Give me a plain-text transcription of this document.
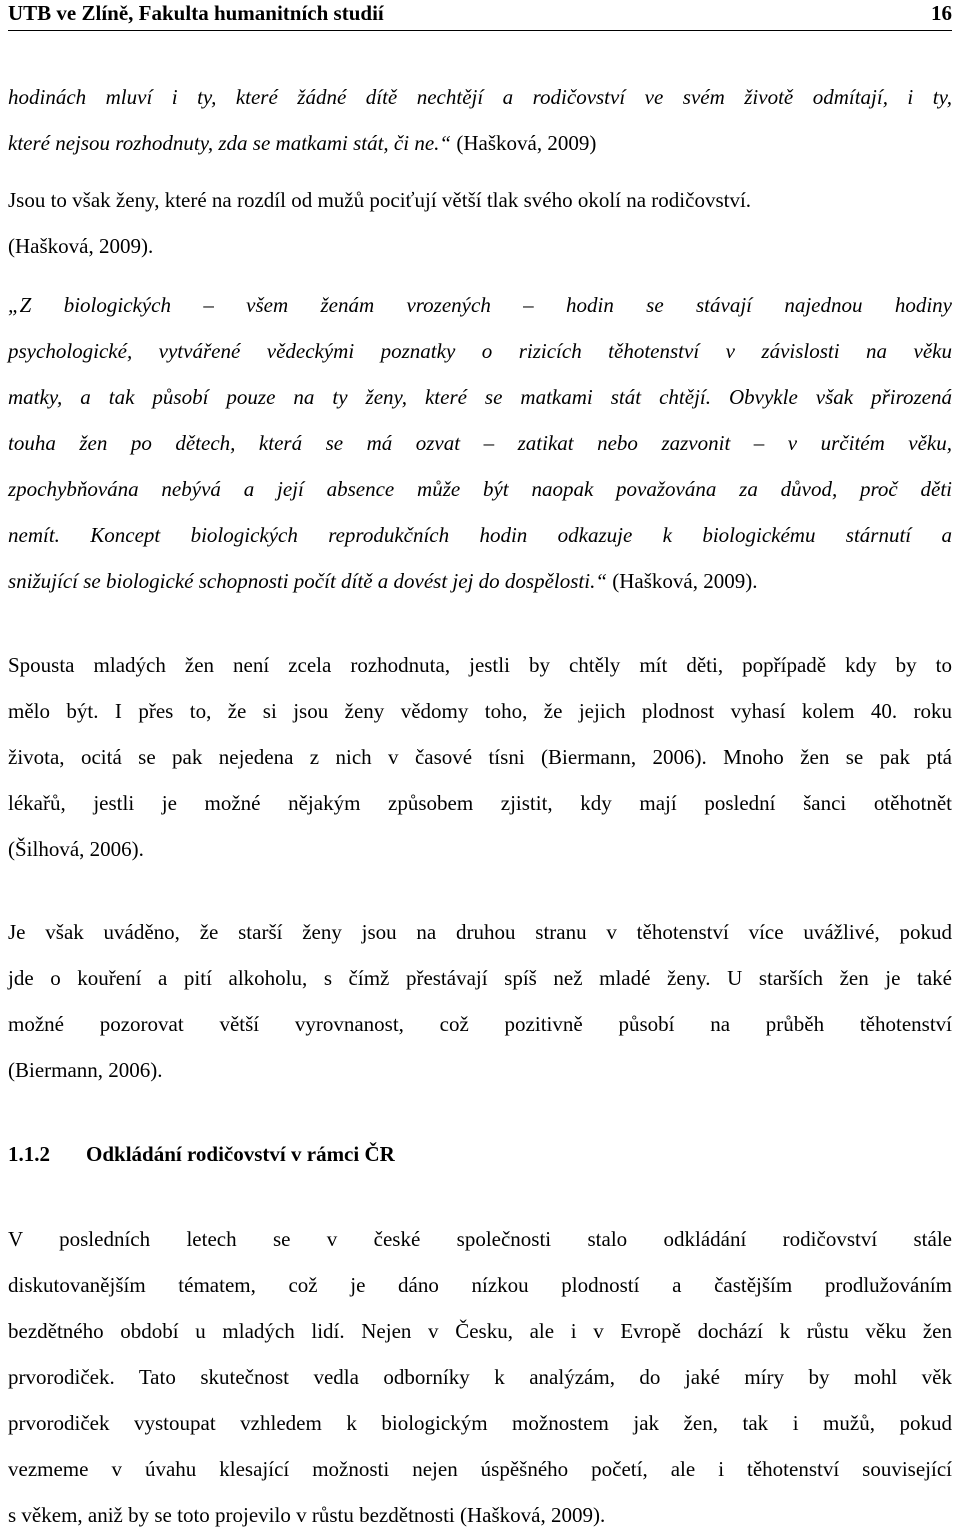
UTB ve Zlíně, Fakulta humanitních studií	16
hodinách mluví i ty, které žádné dítě nechtějí a rodičovství ve svém životě odmítají, i ty,
které nejsou rozhodnuty, zda se matkami stát, či ne.“ (Hašková, 2009)
Jsou to však ženy, které na rozdíl od mužů pociťují větší tlak svého okolí na rodičovství.
(Hašková, 2009).
„Z biologických – všem ženám vrozených – hodin se stávají najednou hodiny
psychologické, vytvářené vědeckými poznatky o rizicích těhotenství v závislosti na věku
matky, a tak působí pouze na ty ženy, které se matkami stát chtějí. Obvykle však přirozená
touha žen po dětech, která se má ozvat – zatikat nebo zazvonit – v určitém věku,
zpochybňována nebývá a její absence může být naopak považována za důvod, proč děti
nemít. Koncept biologických reprodukčních hodin odkazuje k biologickému stárnutí a
snižující se biologické schopnosti počít dítě a dovést jej do dospělosti.“ (Hašková, 2009).
Spousta mladých žen není zcela rozhodnuta, jestli by chtěly mít děti, popřípadě kdy by to
mělo být. I přes to, že si jsou ženy vědomy toho, že jejich plodnost vyhasí kolem 40. roku
života, ocitá se pak nejedena z nich v časové tísni (Biermann, 2006). Mnoho žen se pak ptá
lékařů, jestli je možné nějakým způsobem zjistit, kdy mají poslední šanci otěhotnět
(Šilhová, 2006).
Je však uváděno, že starší ženy jsou na druhou stranu v těhotenství více uvážlivé, pokud
jde o kouření a pití alkoholu, s čímž přestávají spíš než mladé ženy. U starších žen je také
možné pozorovat větší vyrovnanost, což pozitivně působí na průběh těhotenství
(Biermann, 2006).
1.1.2 Odkládání rodičovství v rámci ČR
V posledních letech se v české společnosti stalo odkládání rodičovství stále
diskutovanějším tématem, což je dáno nízkou plodností a častějším prodlužováním
bezdětného období u mladých lidí. Nejen v Česku, ale i v Evropě dochází k růstu věku žen
prvorodiček. Tato skutečnost vedla odborníky k analýzám, do jaké míry by mohl věk
prvorodiček vystoupat vzhledem k biologickým možnostem jak žen, tak i mužů, pokud
vezmeme v úvahu klesající možnosti nejen úspěšného početí, ale i těhotenství související
s věkem, aniž by se toto projevilo v růstu bezdětnosti (Hašková, 2009).
